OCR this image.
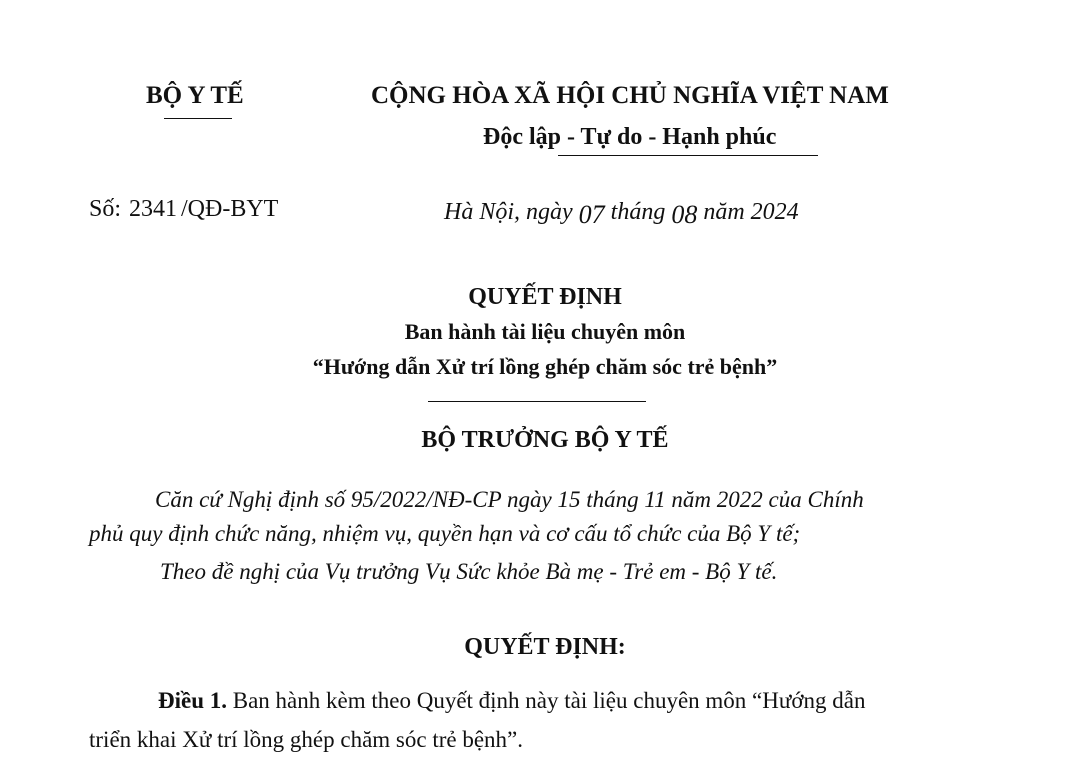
BỘ Y TẾ	CỘNG HÒA XÃ HỘI CHỦ NGHĨA VIỆT NAM
Độc lập - Tự do - Hạnh phúc
Số: 2341 /QĐ-BYT	Hà Nội, ngày 07 tháng 08 năm 2024
QUYẾT ĐỊNH
Ban hành tài liệu chuyên môn
“Hướng dẫn Xử trí lồng ghép chăm sóc trẻ bệnh”
BỘ TRƯỞNG BỘ Y TẾ
Căn cứ Nghị định số 95/2022/NĐ-CP ngày 15 tháng 11 năm 2022 của Chính
phủ quy định chức năng, nhiệm vụ, quyền hạn và cơ cấu tổ chức của Bộ Y tế;
Theo đề nghị của Vụ trưởng Vụ Sức khỏe Bà mẹ - Trẻ em - Bộ Y tế.
QUYẾT ĐỊNH:
Điều 1. Ban hành kèm theo Quyết định này tài liệu chuyên môn “Hướng dẫn
triển khai Xử trí lồng ghép chăm sóc trẻ bệnh”.
